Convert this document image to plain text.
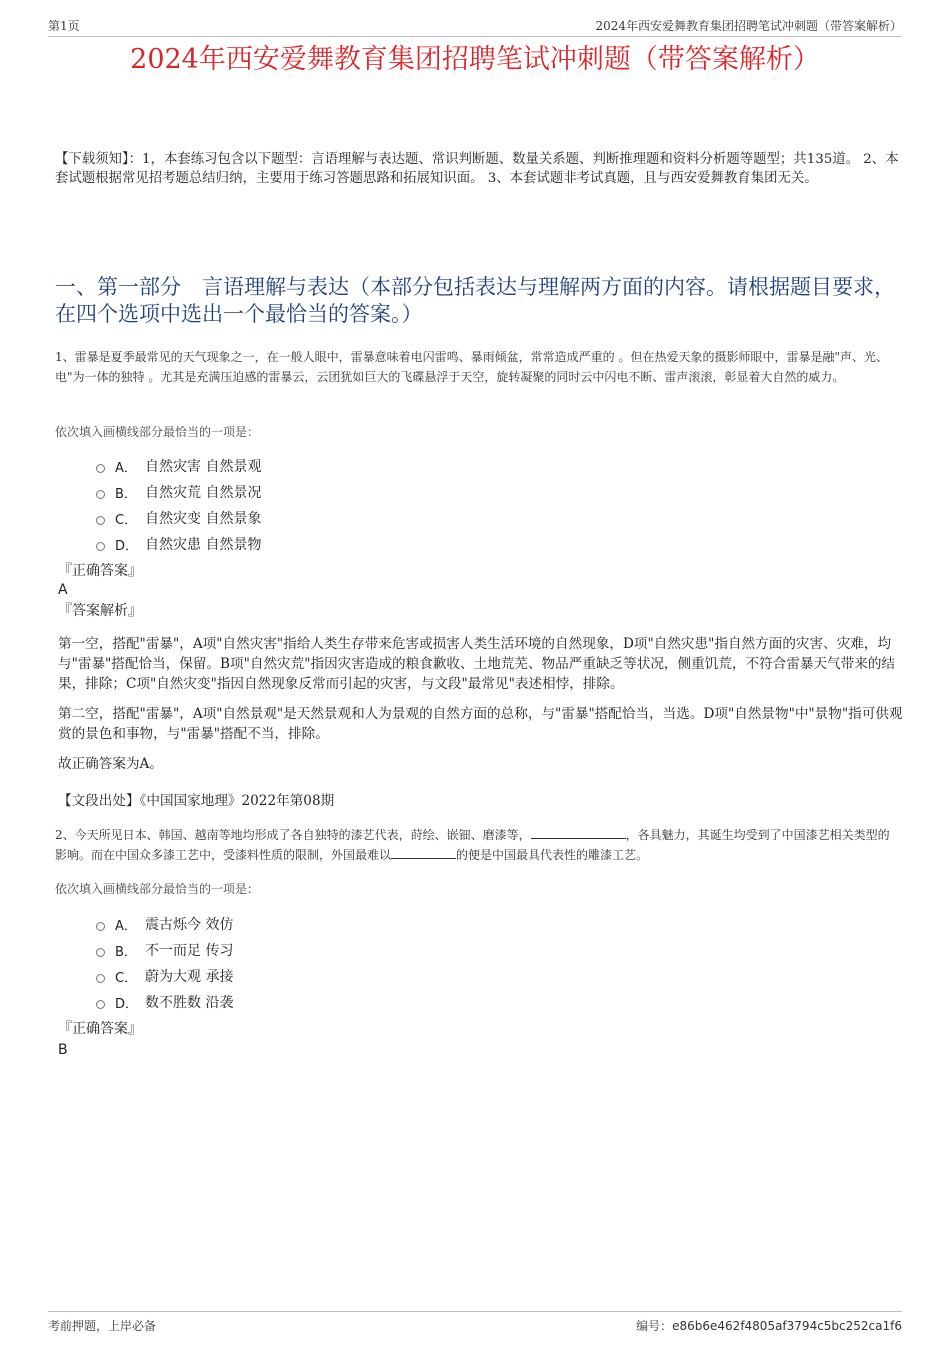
第1页	2024年西安爱舞教育集团招聘笔试冲刺题（带答案解析）
2024年西安爱舞教育集团招聘笔试冲刺题（带答案解析）
【下载须知】：1，本套练习包含以下题型：言语理解与表达题、常识判断题、数量关系题、判断推理题和资料分析题等题型；共135道。 2、本套试题根据常见招考题总结归纳，主要用于练习答题思路和拓展知识面。 3、本套试题非考试真题，且与西安爱舞教育集团无关。
一、第一部分　言语理解与表达（本部分包括表达与理解两方面的内容。请根据题目要求，在四个选项中选出一个最恰当的答案。）

1、雷暴是夏季最常见的天气现象之一，在一般人眼中，雷暴意味着电闪雷鸣、暴雨倾盆，常常造成严重的 。但在热爱天象的摄影师眼中，雷暴是融"声、光、电"为一体的独特 。尤其是充满压迫感的雷暴云，云团犹如巨大的飞碟悬浮于天空，旋转凝聚的同时云中闪电不断、雷声滚滚，彰显着大自然的威力。

依次填入画横线部分最恰当的一项是：

A． 自然灾害 自然景观
B． 自然灾荒 自然景况
C． 自然灾变 自然景象
D． 自然灾患 自然景物
『正确答案』
A
『答案解析』

第一空，搭配"雷暴"，A项"自然灾害"指给人类生存带来危害或损害人类生活环境的自然现象，D项"自然灾患"指自然方面的灾害、灾难，均与"雷暴"搭配恰当，保留。B项"自然灾荒"指因灾害造成的粮食歉收、土地荒芜、物品严重缺乏等状况，侧重饥荒，不符合雷暴天气带来的结果，排除；C项"自然灾变"指因自然现象反常而引起的灾害，与文段"最常见"表述相悖，排除。

第二空，搭配"雷暴"，A项"自然景观"是天然景观和人为景观的自然方面的总称，与"雷暴"搭配恰当，当选。D项"自然景物"中"景物"指可供观赏的景色和事物，与"雷暴"搭配不当，排除。

故正确答案为A。

【文段出处】《中国国家地理》2022年第08期

2、今天所见日本、韩国、越南等地均形成了各自独特的漆艺代表，莳绘、嵌钿、磨漆等，	，各具魅力，其诞生均受到了中国漆艺相关类型的影响。而在中国众多漆工艺中，受漆料性质的限制，外国最难以	的便是中国最具代表性的雕漆工艺。

依次填入画横线部分最恰当的一项是：

A． 震古烁今 效仿
B． 不一而足 传习
C． 蔚为大观 承接
D． 数不胜数 沿袭
『正确答案』
B
考前押题，上岸必备	编号：e86b6e462f4805af3794c5bc252ca1f6
